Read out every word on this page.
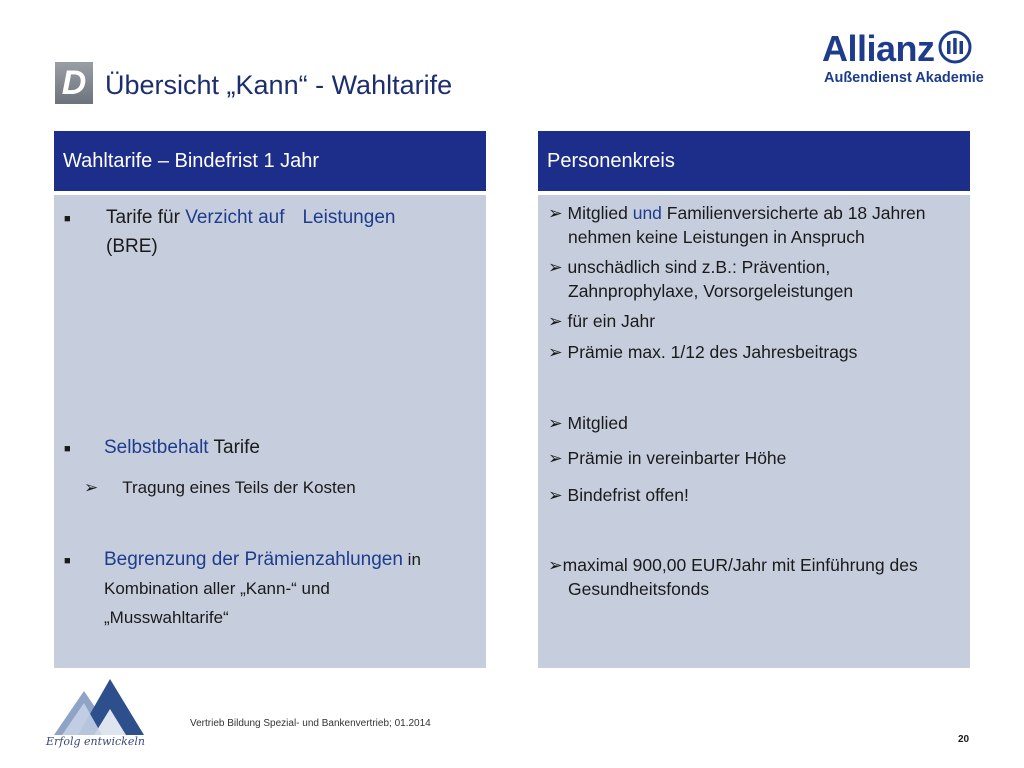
D Übersicht „Kann“ - Wahltarife
Allianz
Außendienst Akademie
Wahltarife – Bindefrist 1 Jahr
■ Tarife für Verzicht auf Leistungen
(BRE)
■ Selbstbehalt Tarife
➢ Tragung eines Teils der Kosten
■ Begrenzung der Prämienzahlungen in
Kombination aller „Kann-“ und
„Musswahltarife“
Personenkreis
➢ Mitglied und Familienversicherte ab 18 Jahren
nehmen keine Leistungen in Anspruch
➢ unschädlich sind z.B.: Prävention,
Zahnprophylaxe, Vorsorgeleistungen
➢ für ein Jahr
➢ Prämie max. 1/12 des Jahresbeitrags
➢ Mitglied
➢ Prämie in vereinbarter Höhe
➢ Bindefrist offen!
➢maximal 900,00 EUR/Jahr mit Einführung des
Gesundheitsfonds
Erfolg entwickeln
Vertrieb Bildung Spezial- und Bankenvertrieb; 01.2014
20
